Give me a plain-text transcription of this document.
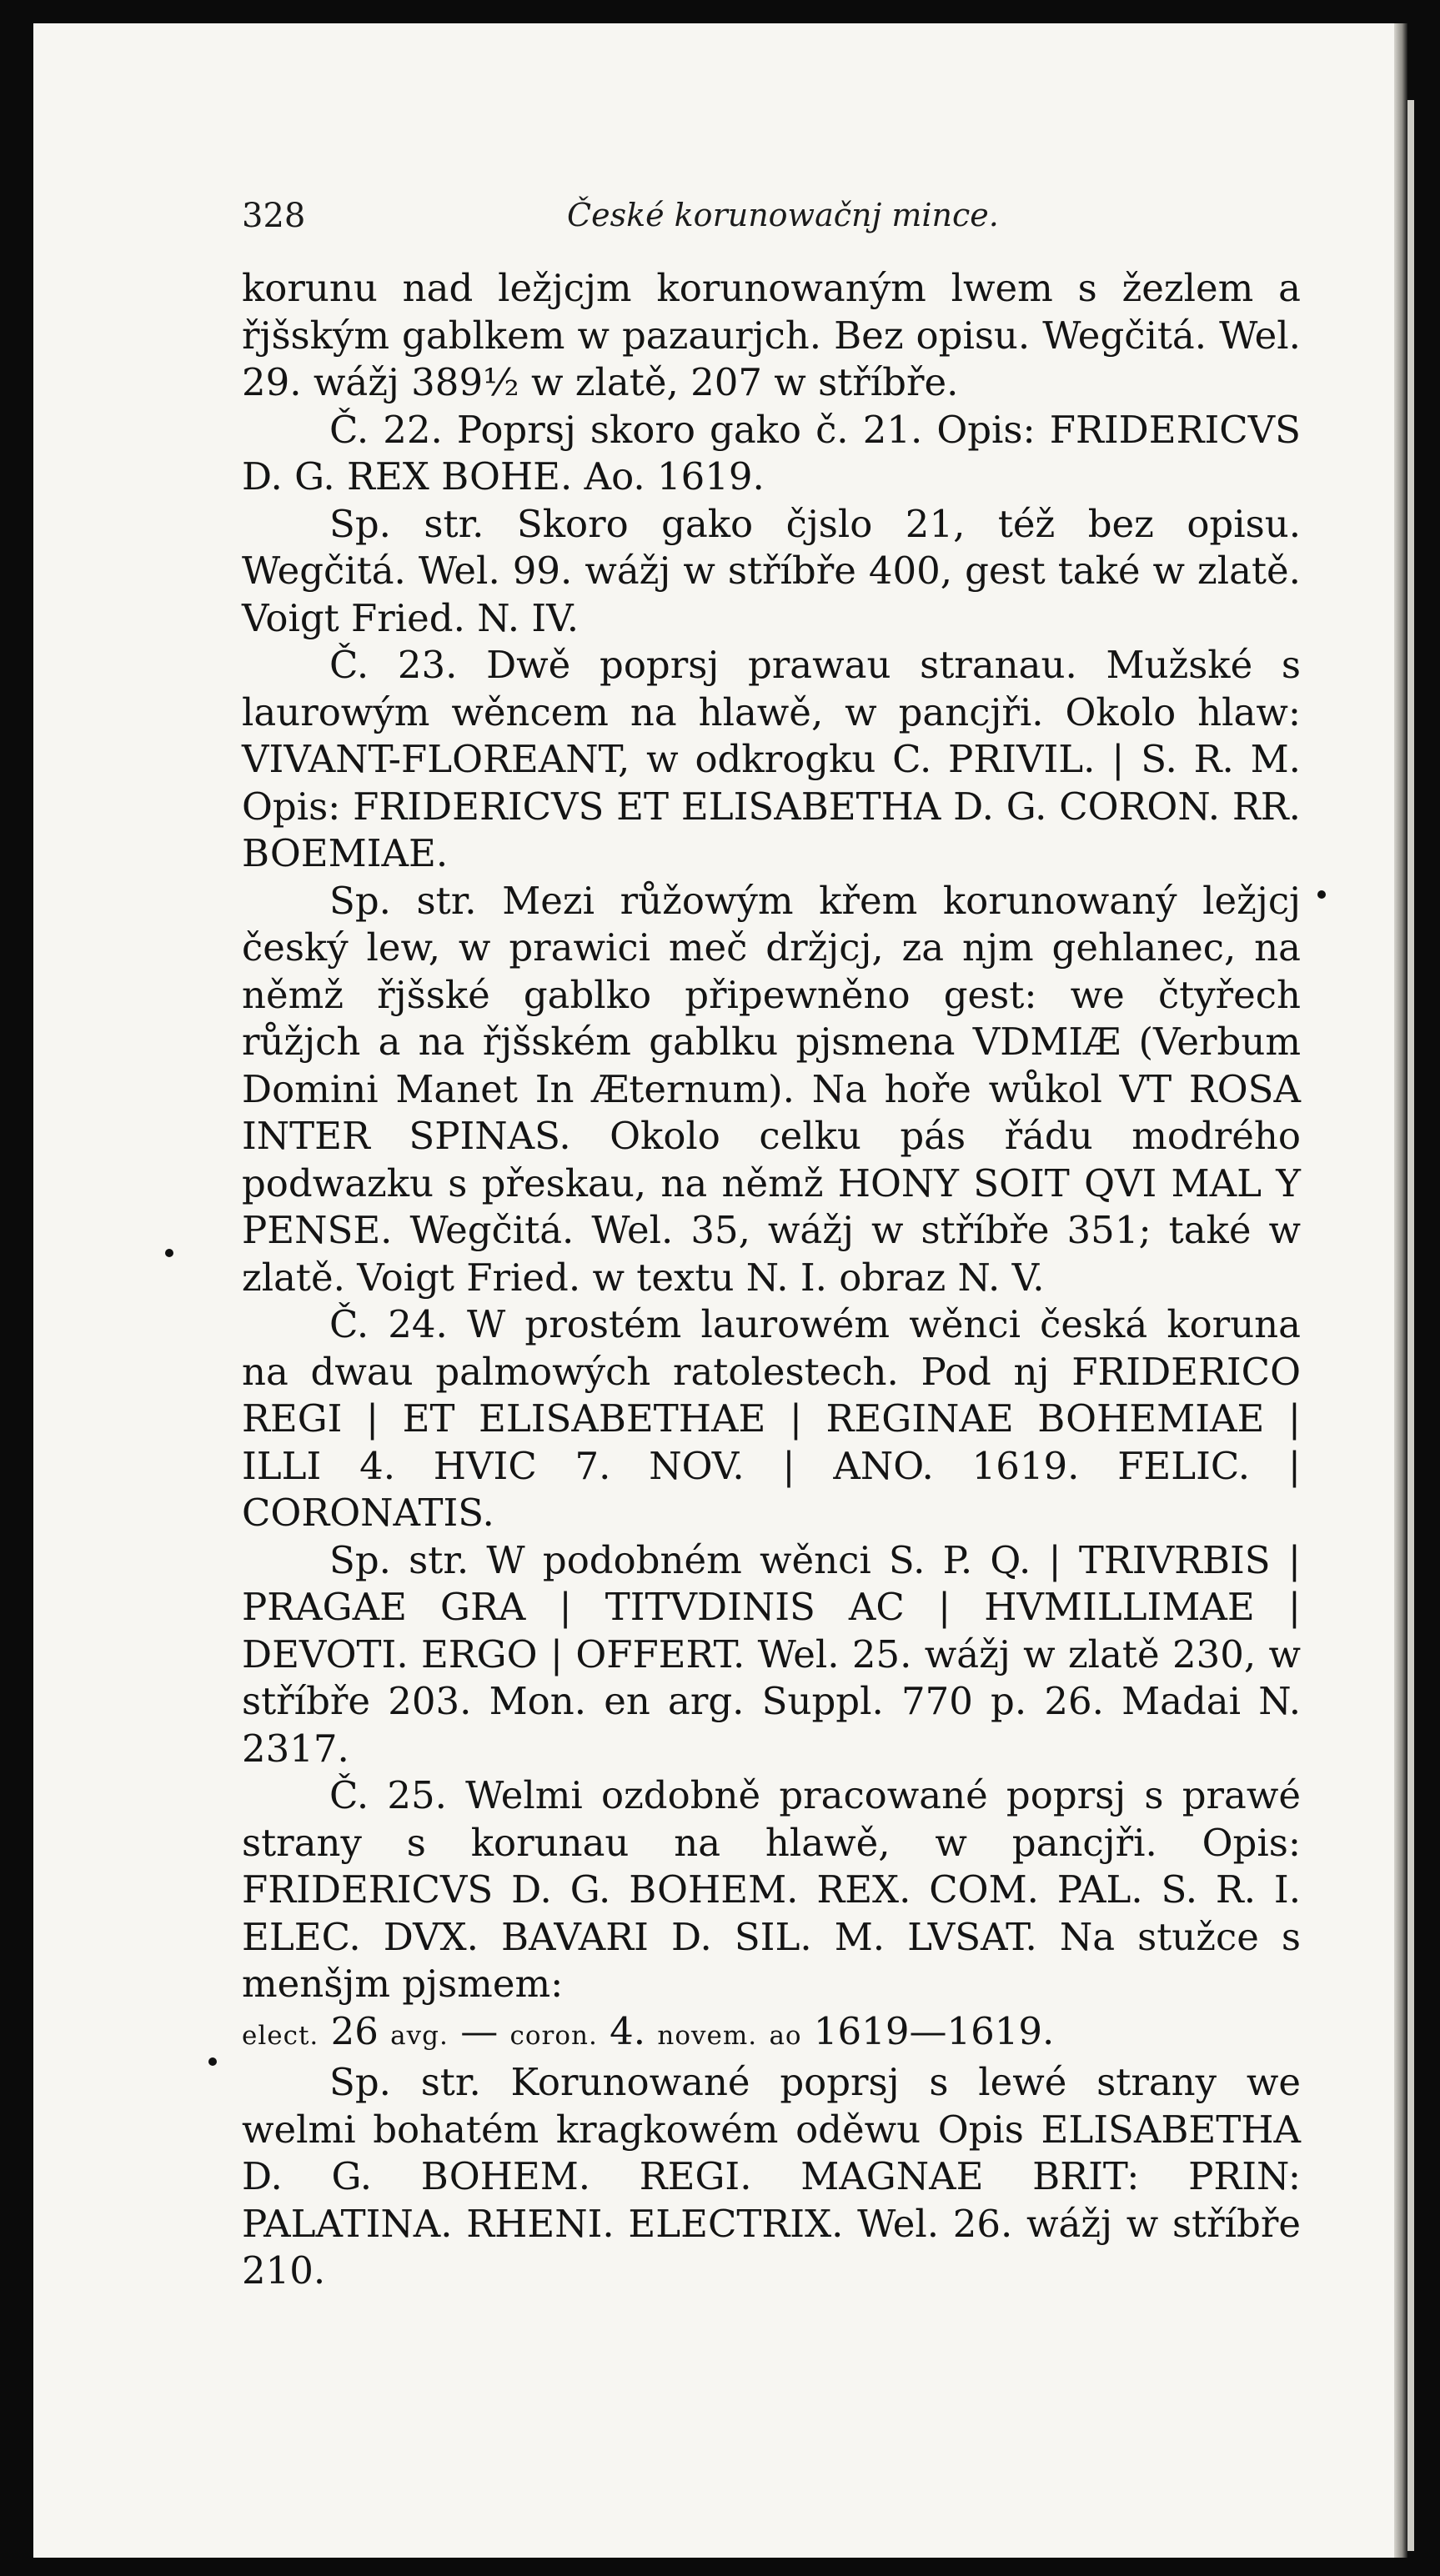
328	České korunowačnj mince.

korunu nad ležjcjm korunowaným lwem s žezlem a řjšským gablkem w pazaurjch. Bez opisu. Wegčitá. Wel. 29. wážj 389½ w zlatě, 207 w stříbře.

Č. 22. Poprsj skoro gako č. 21. Opis: FRIDERICVS D. G. REX BOHE. Ao. 1619.

Sp. str. Skoro gako čjslo 21, též bez opisu. Wegčitá. Wel. 99. wážj w stříbře 400, gest také w zlatě. Voigt Fried. N. IV.

Č. 23. Dwě poprsj prawau stranau. Mužské s laurowým wěncem na hlawě, w pancjři. Okolo hlaw: VIVANT-FLOREANT, w odkrogku C. PRIVIL. | S. R. M. Opis: FRIDERICVS ET ELISABETHA D. G. CORON. RR. BOEMIAE.

Sp. str. Mezi růžowým křem korunowaný ležjcj český lew, w prawici meč držjcj, za njm gehlanec, na němž řjšské gablko připewněno gest: we čtyřech růžjch a na řjšském gablku pjsmena VDMIÆ (Verbum Domini Manet In Æternum). Na hoře wůkol VT ROSA INTER SPINAS. Okolo celku pás řádu modrého podwazku s přeskau, na němž HONY SOIT QVI MAL Y PENSE. Wegčitá. Wel. 35, wážj w stříbře 351; také w zlatě. Voigt Fried. w textu N. I. obraz N. V.

Č. 24. W prostém laurowém wěnci česká koruna na dwau palmowých ratolestech. Pod nj FRIDERICO REGI | ET ELISABETHAE | REGINAE BOHEMIAE | ILLI 4. HVIC 7. NOV. | ANO. 1619. FELIC. | CORONATIS.

Sp. str. W podobném wěnci S. P. Q. | TRIVRBIS | PRAGAE GRA | TITVDINIS AC | HVMILLIMAE | DEVOTI. ERGO | OFFERT. Wel. 25. wážj w zlatě 230, w stříbře 203. Mon. en arg. Suppl. 770 p. 26. Madai N. 2317.

Č. 25. Welmi ozdobně pracowané poprsj s prawé strany s korunau na hlawě, w pancjři. Opis: FRIDERICVS D. G. BOHEM. REX. COM. PAL. S. R. I. ELEC. DVX. BAVARI D. SIL. M. LVSAT. Na stužce s menšjm pjsmem:

elect. 26 avg. — coron. 4. novem. ao 1619—1619.

Sp. str. Korunowané poprsj s lewé strany we welmi bohatém kragkowém oděwu Opis ELISABETHA D. G. BOHEM. REGI. MAGNAE BRIT: PRIN: PALATINA. RHENI. ELECTRIX. Wel. 26. wážj w stříbře 210.
